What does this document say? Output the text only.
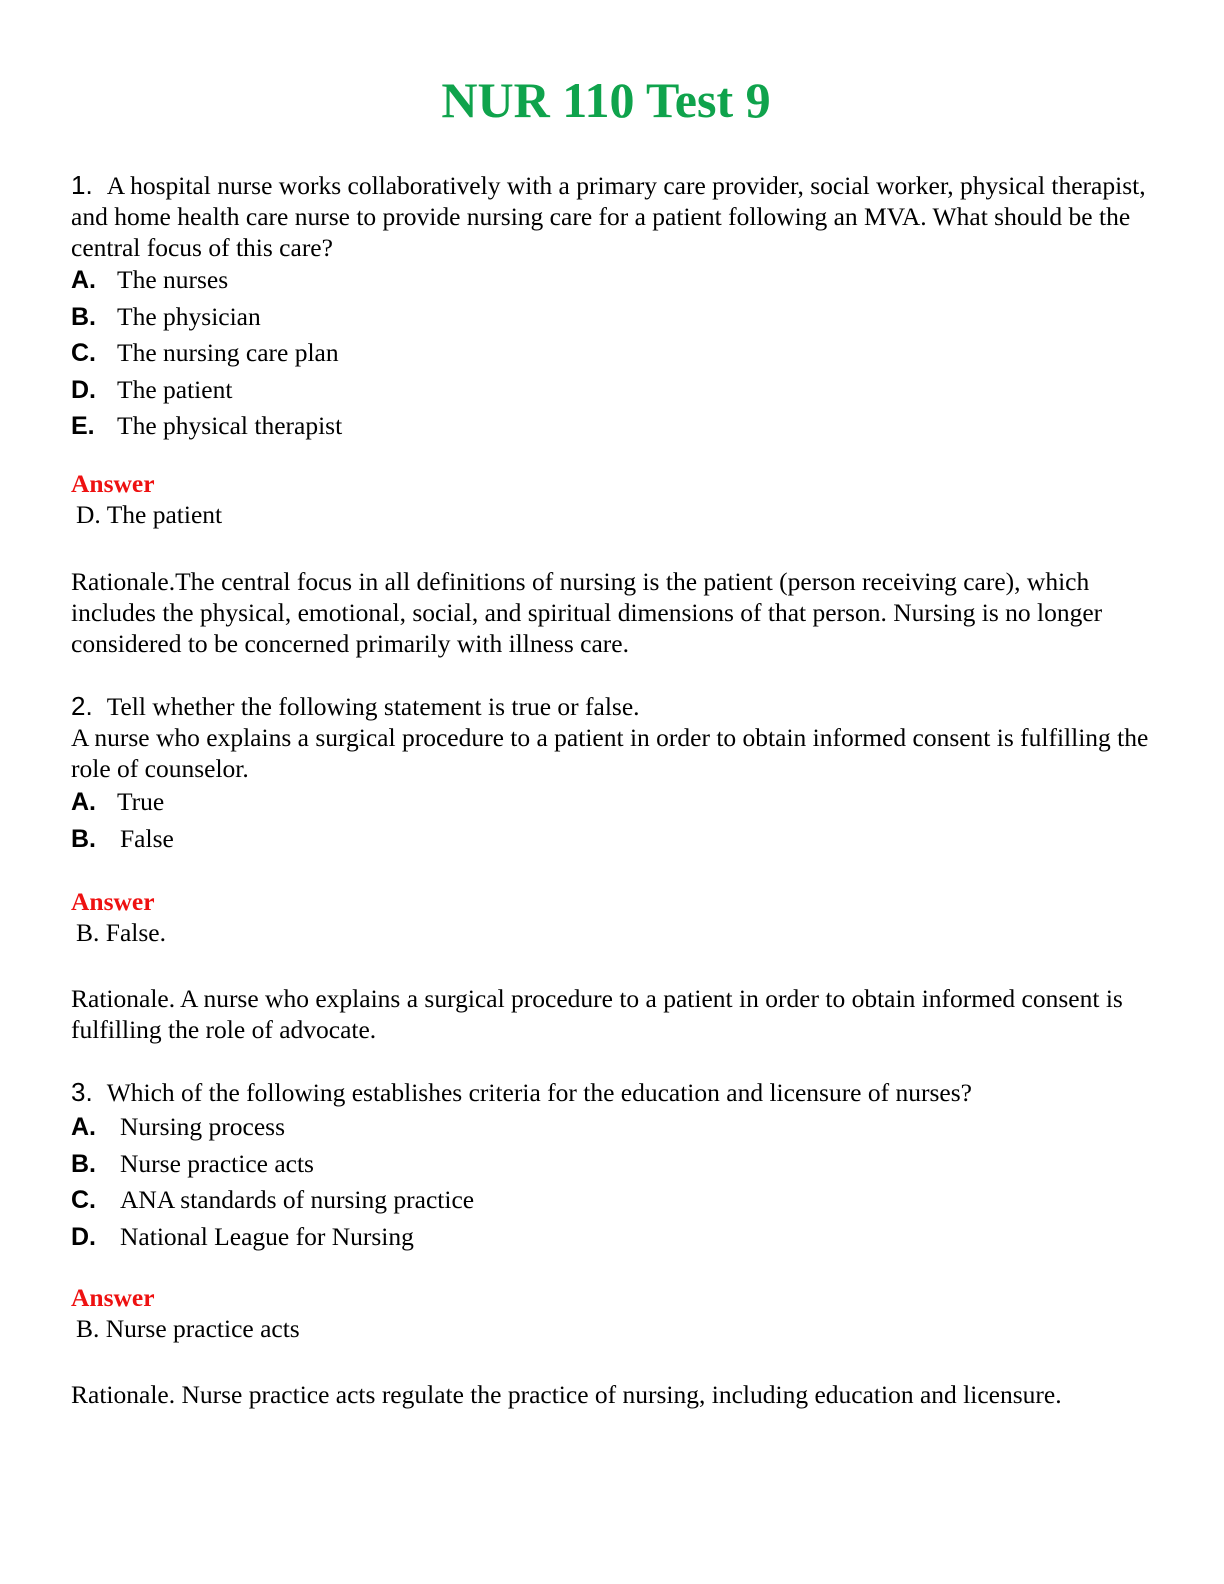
NUR 110 Test 9

1. A hospital nurse works collaboratively with a primary care provider, social worker, physical therapist, and home health care nurse to provide nursing care for a patient following an MVA. What should be the central focus of this care?

A. The nurses

B. The physician

C. The nursing care plan

D. The patient

E. The physical therapist

Answer

D. The patient

Rationale.The central focus in all definitions of nursing is the patient (person receiving care), which includes the physical, emotional, social, and spiritual dimensions of that person. Nursing is no longer considered to be concerned primarily with illness care.

2. Tell whether the following statement is true or false.

A nurse who explains a surgical procedure to a patient in order to obtain informed consent is fulfilling the role of counselor.

A. True

B. False

Answer

B. False.

Rationale. A nurse who explains a surgical procedure to a patient in order to obtain informed consent is fulfilling the role of advocate.

3. Which of the following establishes criteria for the education and licensure of nurses?

A. Nursing process

B. Nurse practice acts

C. ANA standards of nursing practice

D. National League for Nursing

Answer

B. Nurse practice acts

Rationale. Nurse practice acts regulate the practice of nursing, including education and licensure.
